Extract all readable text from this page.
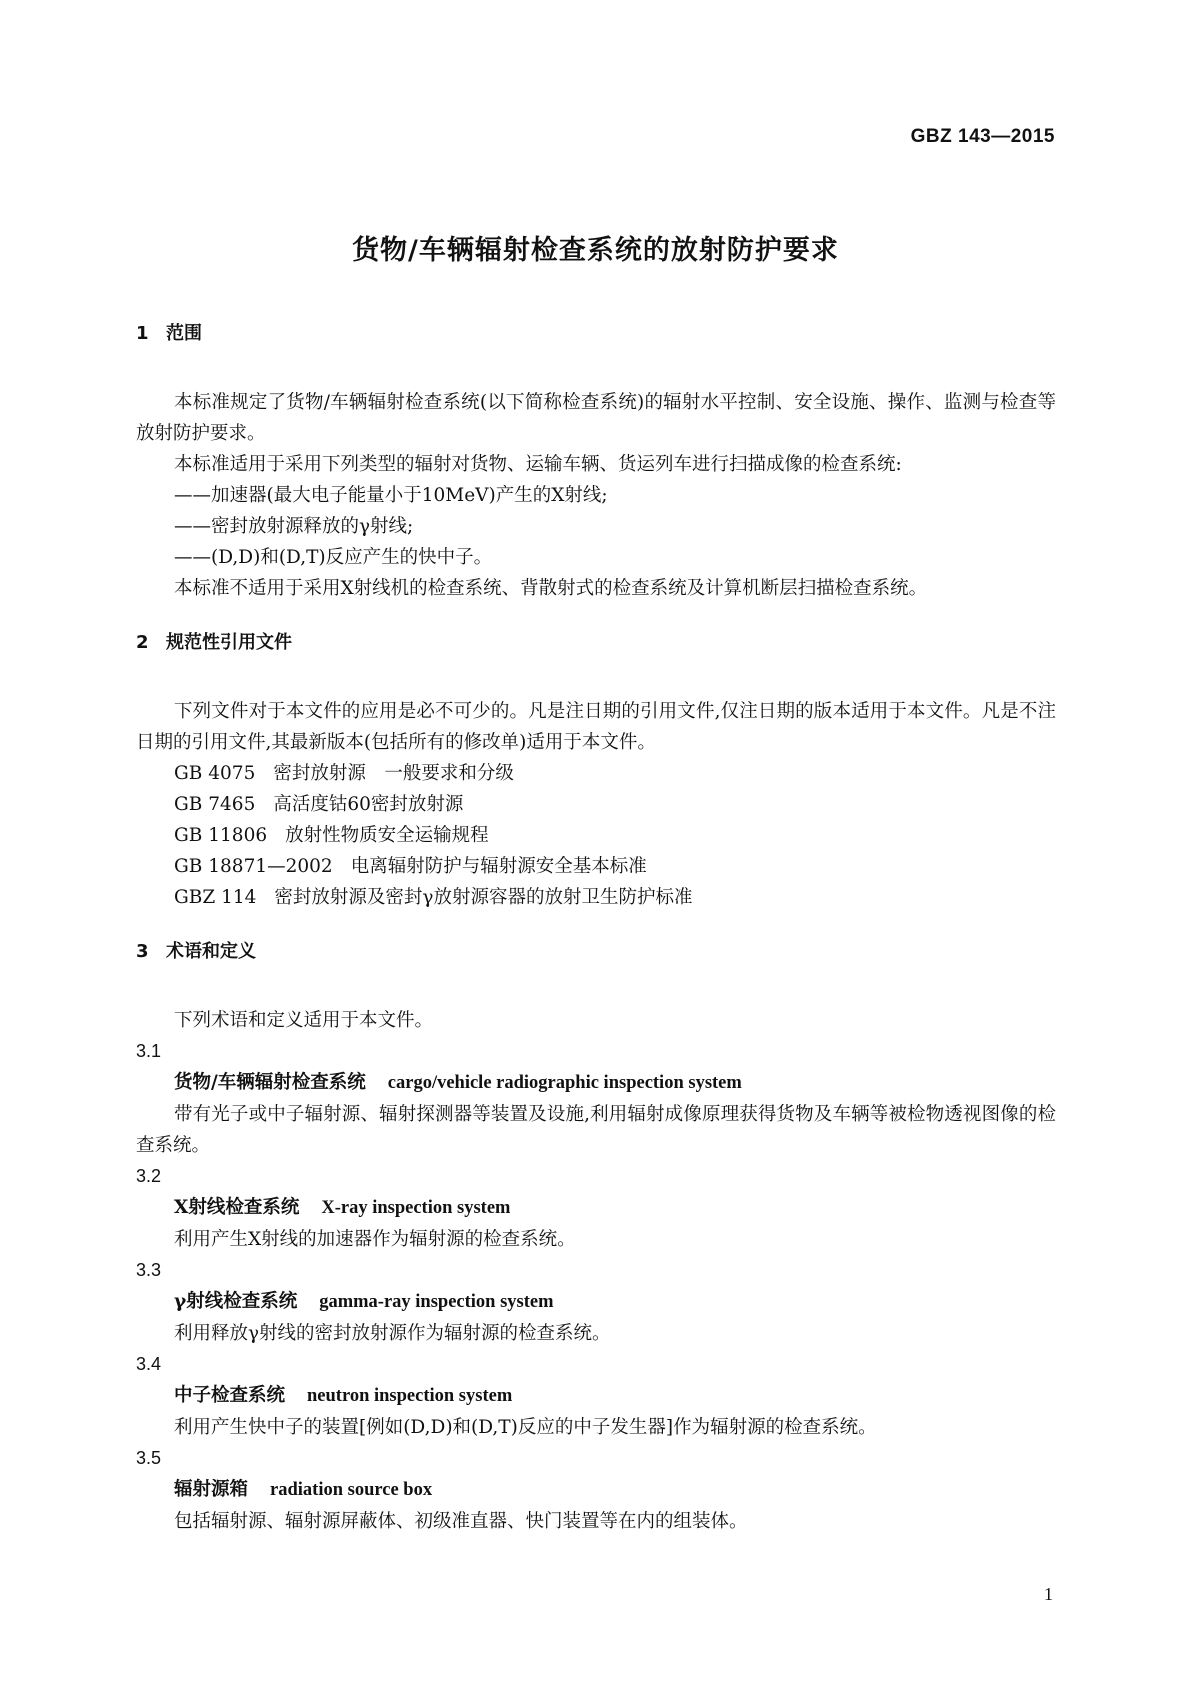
GBZ 143—2015
货物/车辆辐射检查系统的放射防护要求
1 范围
本标准规定了货物/车辆辐射检查系统(以下简称检查系统)的辐射水平控制、安全设施、操作、监测与检查等放射防护要求。
本标准适用于采用下列类型的辐射对货物、运输车辆、货运列车进行扫描成像的检查系统:
——加速器(最大电子能量小于10MeV)产生的X射线;
——密封放射源释放的γ射线;
——(D,D)和(D,T)反应产生的快中子。
本标准不适用于采用X射线机的检查系统、背散射式的检查系统及计算机断层扫描检查系统。
2 规范性引用文件
下列文件对于本文件的应用是必不可少的。凡是注日期的引用文件,仅注日期的版本适用于本文件。凡是不注日期的引用文件,其最新版本(包括所有的修改单)适用于本文件。
GB 4075 密封放射源　一般要求和分级
GB 7465 高活度钴60密封放射源
GB 11806 放射性物质安全运输规程
GB 18871—2002 电离辐射防护与辐射源安全基本标准
GBZ 114 密封放射源及密封γ放射源容器的放射卫生防护标准
3 术语和定义
下列术语和定义适用于本文件。
3.1
货物/车辆辐射检查系统 cargo/vehicle radiographic inspection system
带有光子或中子辐射源、辐射探测器等装置及设施,利用辐射成像原理获得货物及车辆等被检物透视图像的检查系统。
3.2
X射线检查系统 X-ray inspection system
利用产生X射线的加速器作为辐射源的检查系统。
3.3
γ射线检查系统 gamma-ray inspection system
利用释放γ射线的密封放射源作为辐射源的检查系统。
3.4
中子检查系统 neutron inspection system
利用产生快中子的装置[例如(D,D)和(D,T)反应的中子发生器]作为辐射源的检查系统。
3.5
辐射源箱 radiation source box
包括辐射源、辐射源屏蔽体、初级准直器、快门装置等在内的组装体。
1
